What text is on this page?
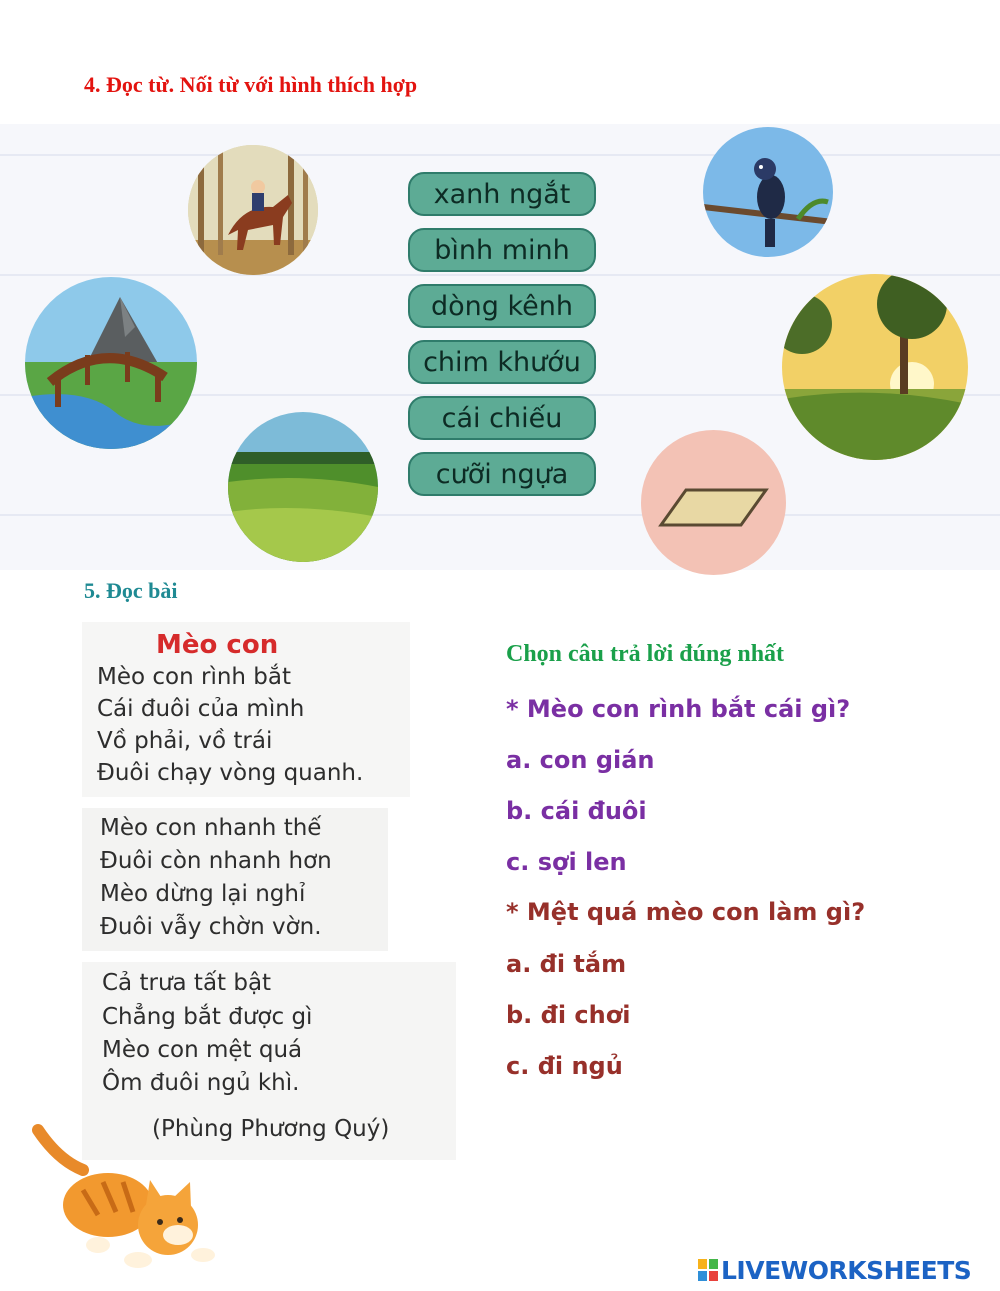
4. Đọc từ. Nối từ với hình thích hợp
xanh ngắt
bình minh
dòng kênh
chim khướu
cái chiếu
cưỡi ngựa
5. Đọc bài
Mèo con
Mèo con rình bắt
Cái đuôi của mình
Vồ phải, vồ trái
Đuôi chạy vòng quanh.
Mèo con nhanh thế
Đuôi còn nhanh hơn
Mèo dừng lại nghỉ
Đuôi vẫy chờn vờn.
Cả trưa tất bật
Chẳng bắt được gì
Mèo con mệt quá
Ôm đuôi ngủ khì.
(Phùng Phương Quý)
Chọn câu trả lời đúng nhất
* Mèo con rình bắt cái gì?
a. con gián
b. cái đuôi
c. sợi len
* Mệt quá mèo con làm gì?
a. đi tắm
b. đi chơi
c. đi ngủ
LIVEWORKSHEETS
